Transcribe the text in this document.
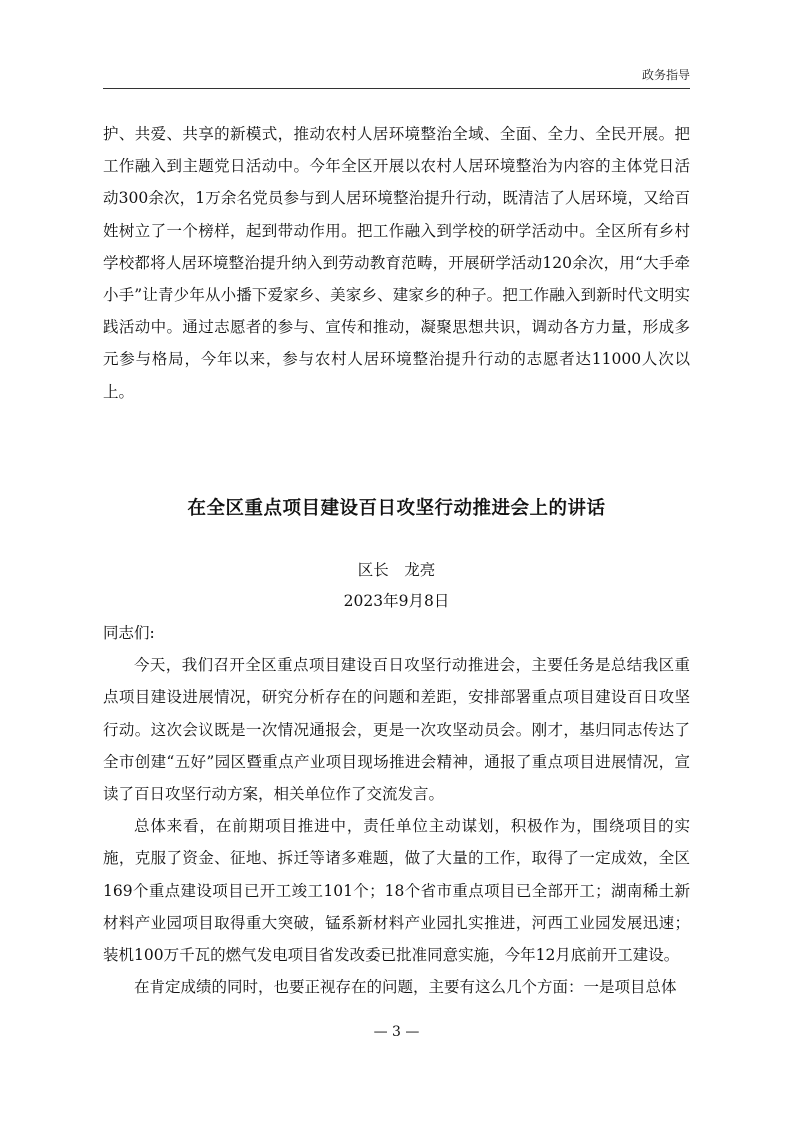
政务指导

护、共爱、共享的新模式，推动农村人居环境整治全域、全面、全力、全民开展。把工作融入到主题党日活动中。今年全区开展以农村人居环境整治为内容的主体党日活动300余次，1万余名党员参与到人居环境整治提升行动，既清洁了人居环境，又给百姓树立了一个榜样，起到带动作用。把工作融入到学校的研学活动中。全区所有乡村学校都将人居环境整治提升纳入到劳动教育范畴，开展研学活动120余次，用“大手牵小手”让青少年从小播下爱家乡、美家乡、建家乡的种子。把工作融入到新时代文明实践活动中。通过志愿者的参与、宣传和推动，凝聚思想共识，调动各方力量，形成多元参与格局，今年以来，参与农村人居环境整治提升行动的志愿者达11000人次以上。

在全区重点项目建设百日攻坚行动推进会上的讲话
区长　龙亮
2023年9月8日

同志们:

今天，我们召开全区重点项目建设百日攻坚行动推进会，主要任务是总结我区重点项目建设进展情况，研究分析存在的问题和差距，安排部署重点项目建设百日攻坚行动。这次会议既是一次情况通报会，更是一次攻坚动员会。刚才，基归同志传达了全市创建“五好”园区暨重点产业项目现场推进会精神，通报了重点项目进展情况，宣读了百日攻坚行动方案，相关单位作了交流发言。

总体来看，在前期项目推进中，责任单位主动谋划，积极作为，围绕项目的实施，克服了资金、征地、拆迁等诸多难题，做了大量的工作，取得了一定成效，全区169个重点建设项目已开工竣工101个；18个省市重点项目已全部开工；湖南稀土新材料产业园项目取得重大突破，锰系新材料产业园扎实推进，河西工业园发展迅速；装机100万千瓦的燃气发电项目省发改委已批准同意实施，今年12月底前开工建设。

在肯定成绩的同时，也要正视存在的问题，主要有这么几个方面：一是项目总体

— 3 —
